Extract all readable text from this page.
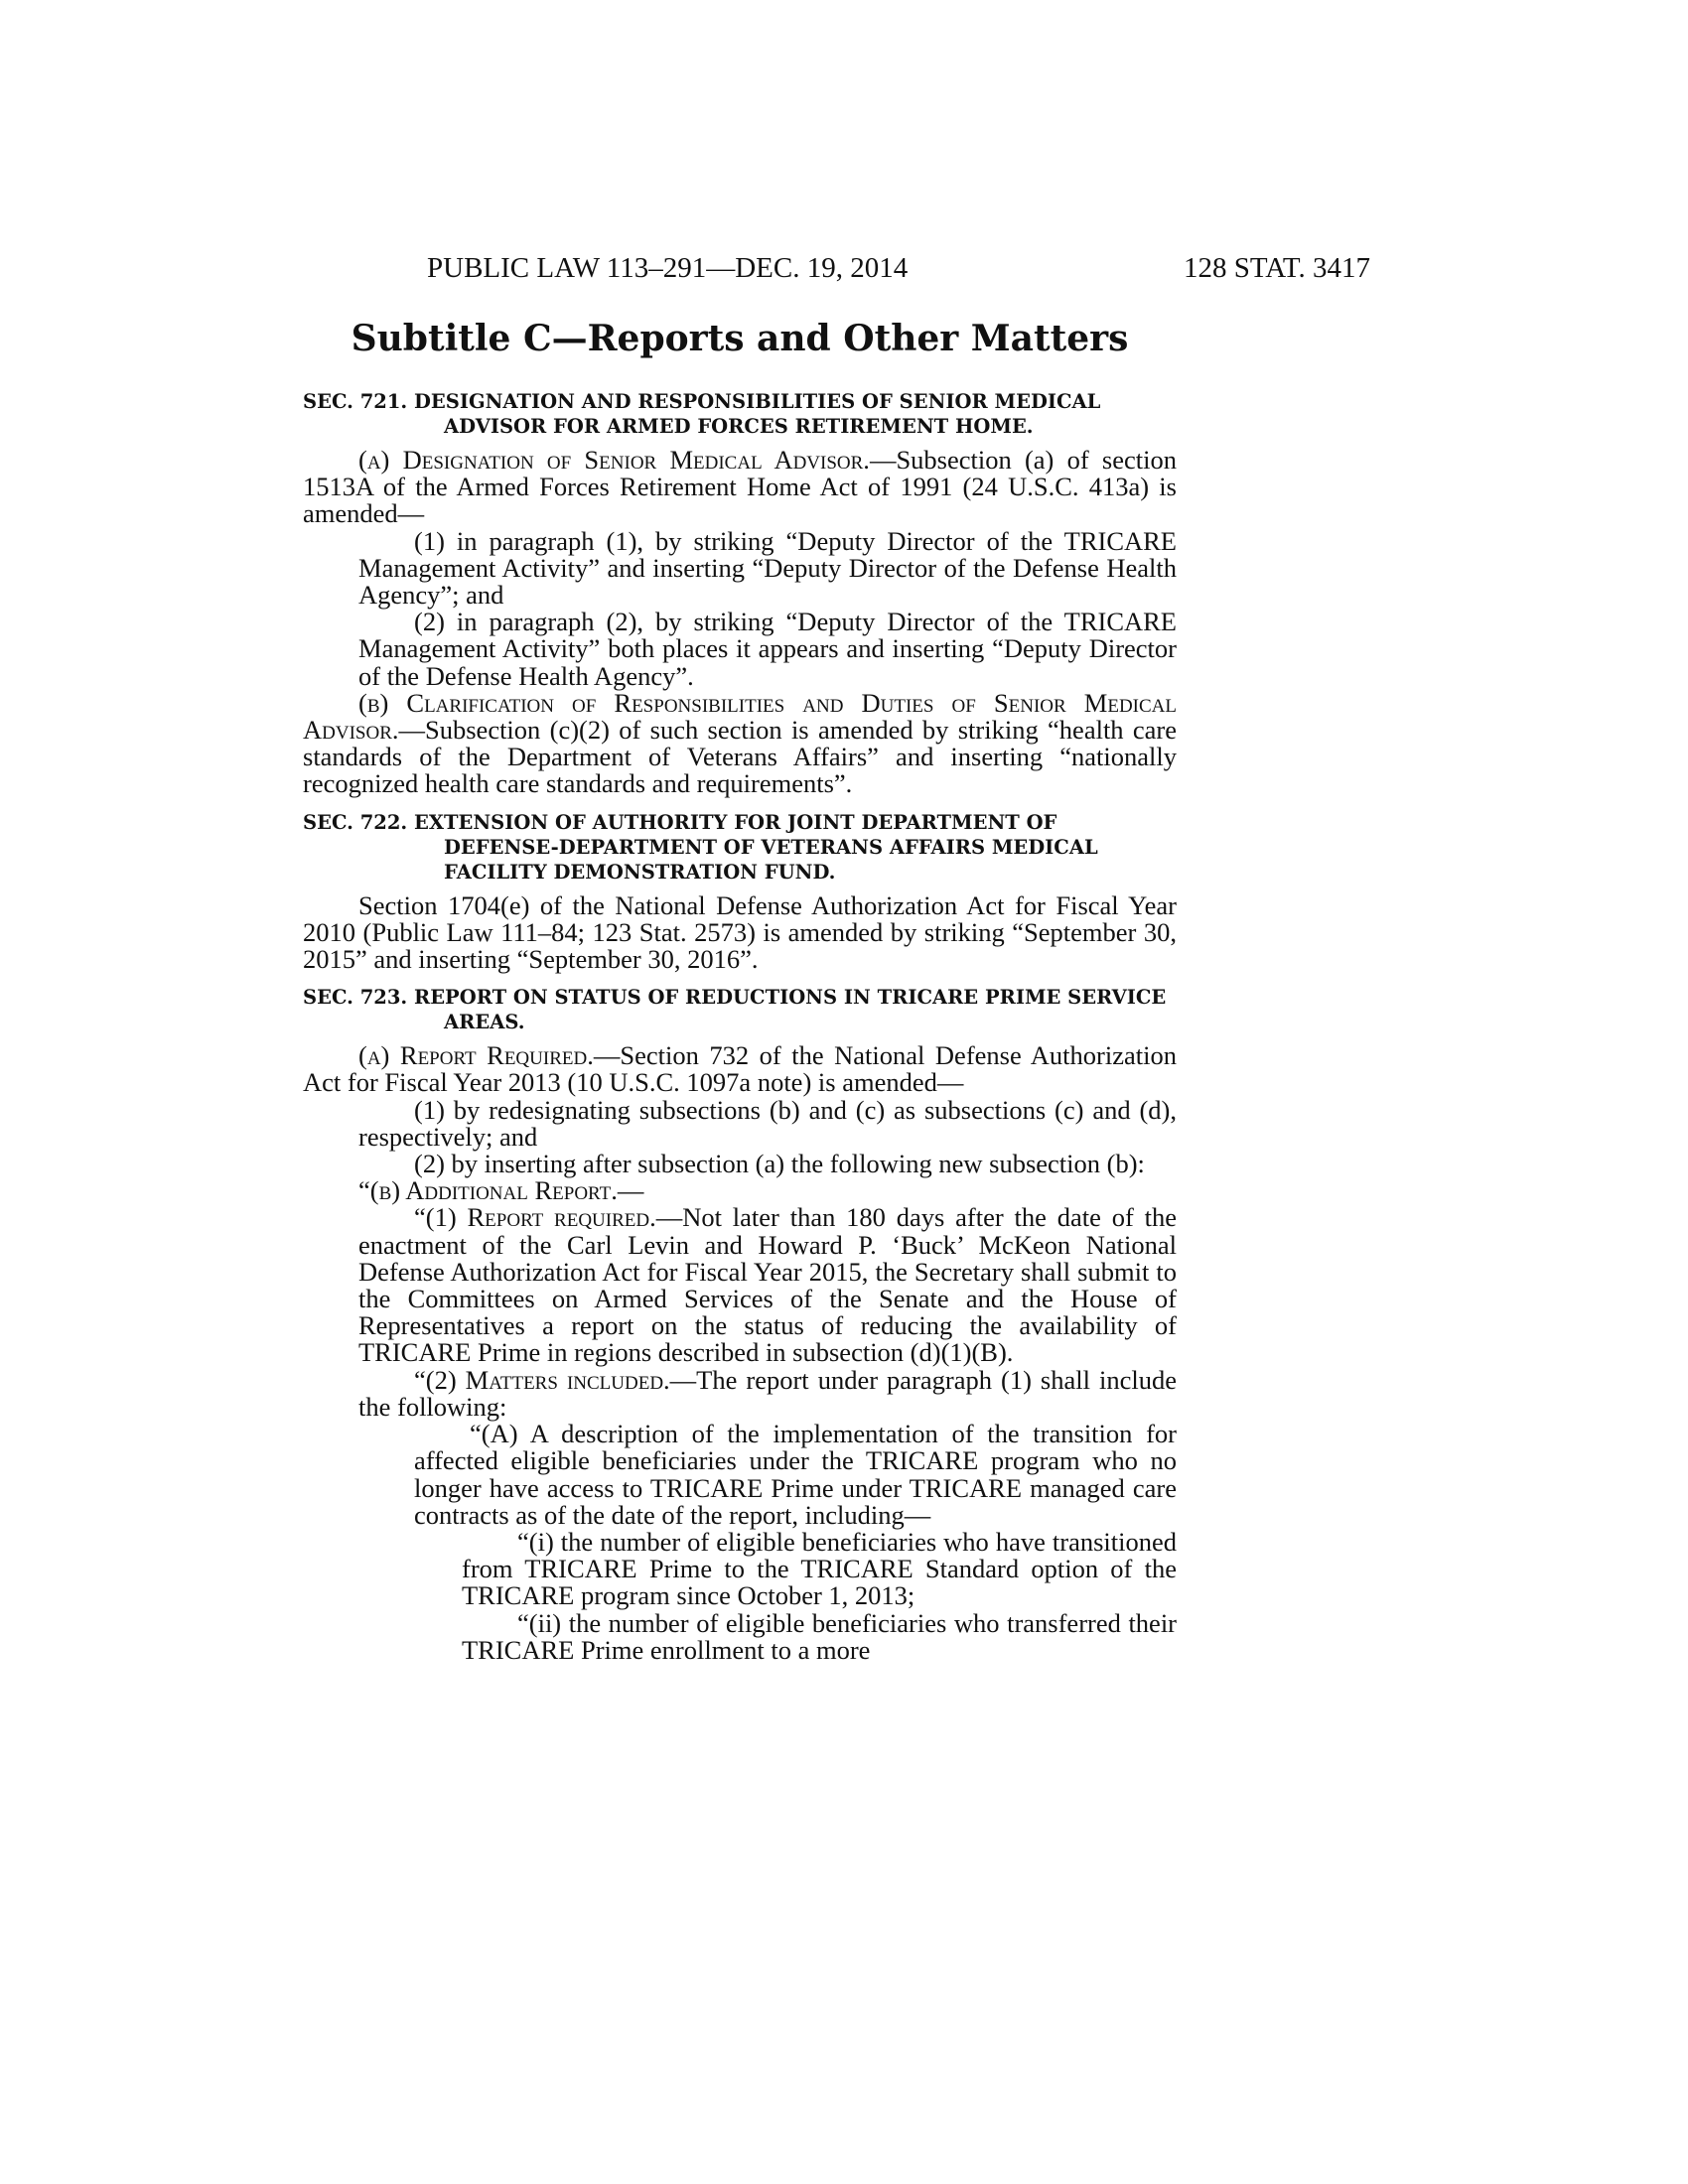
PUBLIC LAW 113–291—DEC. 19, 2014	128 STAT. 3417
Subtitle C—Reports and Other Matters
SEC. 721. DESIGNATION AND RESPONSIBILITIES OF SENIOR MEDICAL ADVISOR FOR ARMED FORCES RETIREMENT HOME.

(a) Designation of Senior Medical Advisor.—Subsection (a) of section 1513A of the Armed Forces Retirement Home Act of 1991 (24 U.S.C. 413a) is amended—

(1) in paragraph (1), by striking “Deputy Director of the TRICARE Management Activity” and inserting “Deputy Director of the Defense Health Agency”; and

(2) in paragraph (2), by striking “Deputy Director of the TRICARE Management Activity” both places it appears and inserting “Deputy Director of the Defense Health Agency”.

(b) Clarification of Responsibilities and Duties of Senior Medical Advisor.—Subsection (c)(2) of such section is amended by striking “health care standards of the Department of Veterans Affairs” and inserting “nationally recognized health care standards and requirements”.

SEC. 722. EXTENSION OF AUTHORITY FOR JOINT DEPARTMENT OF DEFENSE-DEPARTMENT OF VETERANS AFFAIRS MEDICAL FACILITY DEMONSTRATION FUND.

Section 1704(e) of the National Defense Authorization Act for Fiscal Year 2010 (Public Law 111–84; 123 Stat. 2573) is amended by striking “September 30, 2015” and inserting “September 30, 2016”.

SEC. 723. REPORT ON STATUS OF REDUCTIONS IN TRICARE PRIME SERVICE AREAS.

(a) Report Required.—Section 732 of the National Defense Authorization Act for Fiscal Year 2013 (10 U.S.C. 1097a note) is amended—

(1) by redesignating subsections (b) and (c) as subsections (c) and (d), respectively; and

(2) by inserting after subsection (a) the following new subsection (b):

“(b) Additional Report.—

“(1) Report required.—Not later than 180 days after the date of the enactment of the Carl Levin and Howard P. ‘Buck’ McKeon National Defense Authorization Act for Fiscal Year 2015, the Secretary shall submit to the Committees on Armed Services of the Senate and the House of Representatives a report on the status of reducing the availability of TRICARE Prime in regions described in subsection (d)(1)(B).

“(2) Matters included.—The report under paragraph (1) shall include the following:

“(A) A description of the implementation of the transition for affected eligible beneficiaries under the TRICARE program who no longer have access to TRICARE Prime under TRICARE managed care contracts as of the date of the report, including—

“(i) the number of eligible beneficiaries who have transitioned from TRICARE Prime to the TRICARE Standard option of the TRICARE program since October 1, 2013;

“(ii) the number of eligible beneficiaries who transferred their TRICARE Prime enrollment to a more
